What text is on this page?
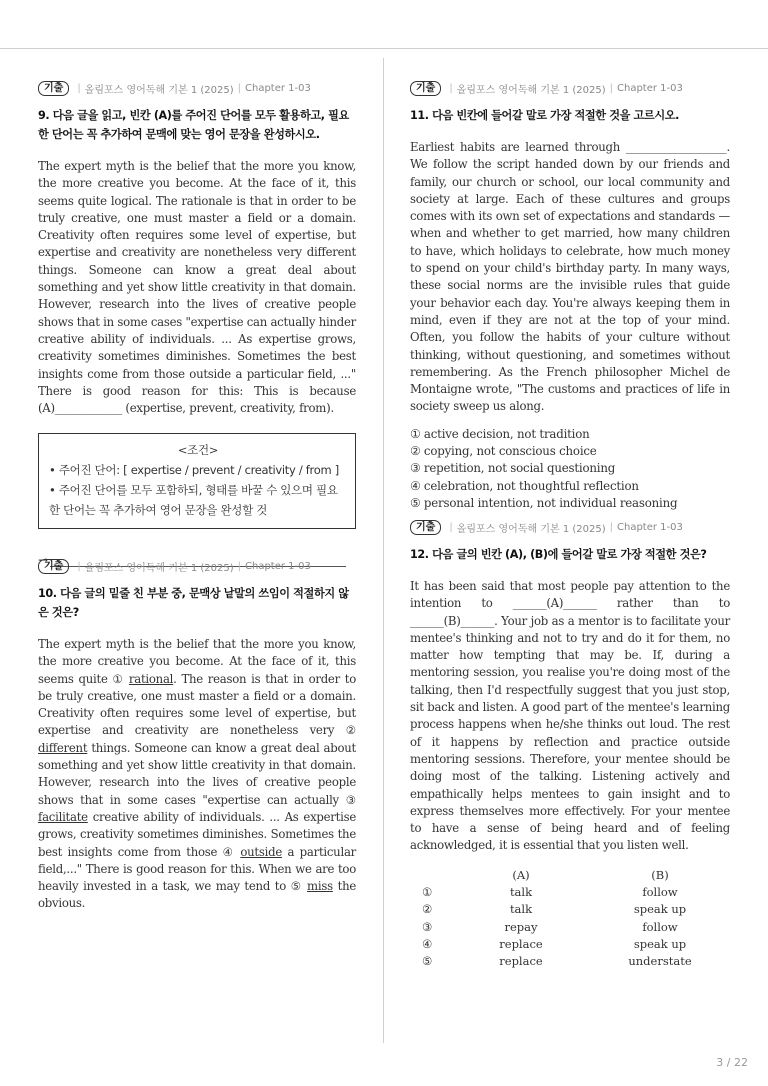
기출	| 올림포스 영어독해 기본 1 (2025) | Chapter 1-03
9. 다음 글을 읽고, 빈칸 (A)를 주어진 단어를 모두 활용하고, 필요한 단어는 꼭 추가하여 문맥에 맞는 영어 문장을 완성하시오.
The expert myth is the belief that the more you know, the more creative you become. At the face of it, this seems quite logical. The rationale is that in order to be truly creative, one must master a field or a domain. Creativity often requires some level of expertise, but expertise and creativity are nonetheless very different things. Someone can know a great deal about something and yet show little creativity in that domain. However, research into the lives of creative people shows that in some cases "expertise can actually hinder creative ability of individuals. ... As expertise grows, creativity sometimes diminishes. Sometimes the best insights come from those outside a particular field, ..." There is good reason for this: This is because (A)____________ (expertise, prevent, creativity, from).
<조건>
• 주어진 단어: [ expertise / prevent / creativity / from ]
• 주어진 단어를 모두 포함하되, 형태를 바꿀 수 있으며 필요한 단어는 꼭 추가하여 영어 문장을 완성할 것
→
기출	| 올림포스 영어독해 기본 1 (2025) | Chapter 1-03
10. 다음 글의 밑줄 친 부분 중, 문맥상 낱말의 쓰임이 적절하지 않은 것은?
The expert myth is the belief that the more you know, the more creative you become. At the face of it, this seems quite ① rational. The reason is that in order to be truly creative, one must master a field or a domain. Creativity often requires some level of expertise, but expertise and creativity are nonetheless very ② different things. Someone can know a great deal about something and yet show little creativity in that domain. However, research into the lives of creative people shows that in some cases "expertise can actually ③ facilitate creative ability of individuals. ... As expertise grows, creativity sometimes diminishes. Sometimes the best insights come from those ④ outside a particular field,..." There is good reason for this. When we are too heavily invested in a task, we may tend to ⑤ miss the obvious.
기출	| 올림포스 영어독해 기본 1 (2025) | Chapter 1-03
11. 다음 빈칸에 들어갈 말로 가장 적절한 것을 고르시오.
Earliest habits are learned through __________________. We follow the script handed down by our friends and family, our church or school, our local community and society at large. Each of these cultures and groups comes with its own set of expectations and standards — when and whether to get married, how many children to have, which holidays to celebrate, how much money to spend on your child's birthday party. In many ways, these social norms are the invisible rules that guide your behavior each day. You're always keeping them in mind, even if they are not at the top of your mind. Often, you follow the habits of your culture without thinking, without questioning, and sometimes without remembering. As the French philosopher Michel de Montaigne wrote, "The customs and practices of life in society sweep us along.
① active decision, not tradition
② copying, not conscious choice
③ repetition, not social questioning
④ celebration, not thoughtful reflection
⑤ personal intention, not individual reasoning
기출	| 올림포스 영어독해 기본 1 (2025) | Chapter 1-03
12. 다음 글의 빈칸 (A), (B)에 들어갈 말로 가장 적절한 것은?
It has been said that most people pay attention to the intention to ______(A)______ rather than to ______(B)______. Your job as a mentor is to facilitate your mentee's thinking and not to try and do it for them, no matter how tempting that may be. If, during a mentoring session, you realise you're doing most of the talking, then I'd respectfully suggest that you just stop, sit back and listen. A good part of the mentee's learning process happens when he/she thinks out loud. The rest of it happens by reflection and practice outside mentoring sessions. Therefore, your mentee should be doing most of the talking. Listening actively and empathically helps mentees to gain insight and to express themselves more effectively. For your mentee to have a sense of being heard and of feeling acknowledged, it is essential that you listen well.
(A)	(B)
①	talk	follow
②	talk	speak up
③	repay	follow
④	replace	speak up
⑤	replace	understate
3 / 22
